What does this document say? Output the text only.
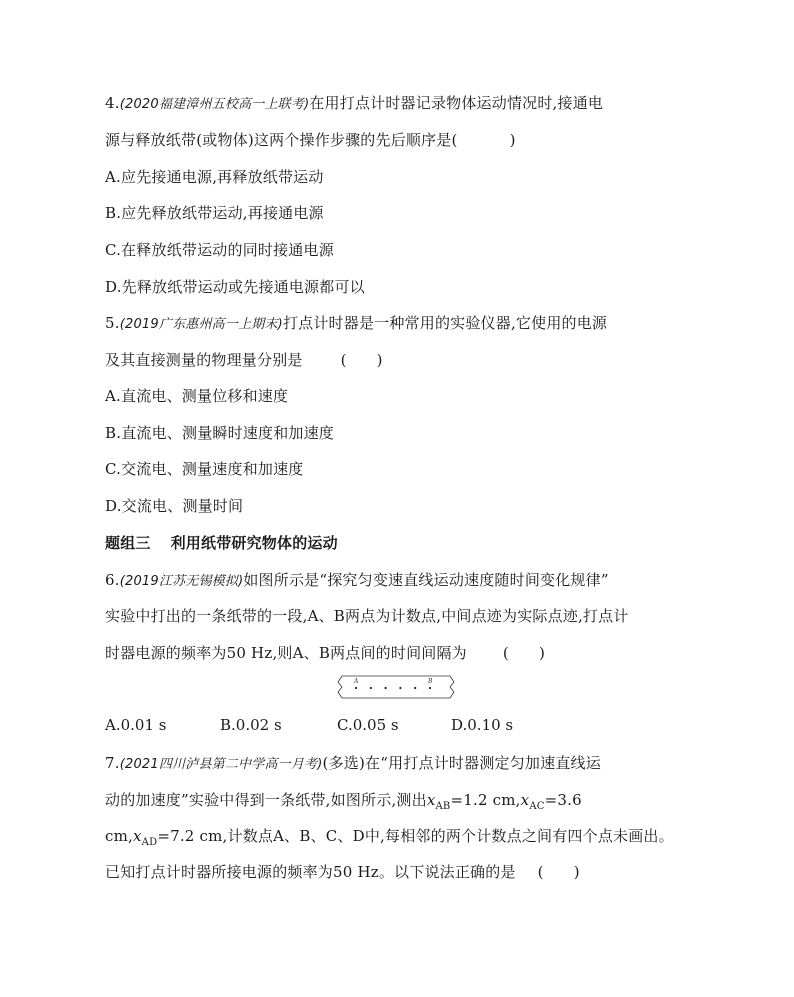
4.(2020福建漳州五校高一上联考)在用打点计时器记录物体运动情况时,接通电
源与释放纸带(或物体)这两个操作步骤的先后顺序是(	)
A.应先接通电源,再释放纸带运动
B.应先释放纸带运动,再接通电源
C.在释放纸带运动的同时接通电源
D.先释放纸带运动或先接通电源都可以
5.(2019广东惠州高一上期末)打点计时器是一种常用的实验仪器,它使用的电源
及其直接测量的物理量分别是	( )
A.直流电、测量位移和速度
B.直流电、测量瞬时速度和加速度
C.交流电、测量速度和加速度
D.交流电、测量时间
题组三 利用纸带研究物体的运动
6.(2019江苏无锡模拟)如图所示是“探究匀变速直线运动速度随时间变化规律”
实验中打出的一条纸带的一段,A、B两点为计数点,中间点迹为实际点迹,打点计
时器电源的频率为50 Hz,则A、B两点间的时间间隔为 ( )
A	B
A.0.01 s	B.0.02 s	C.0.05 s	D.0.10 s
7.(2021四川泸县第二中学高一月考)(多选)在“用打点计时器测定匀加速直线运
动的加速度”实验中得到一条纸带,如图所示,测出$x_{AB}=1.2$ $cm,x_{AC}=3.6$
$cm,x_{AD}=7.2$ cm,计数点A、B、C、D中,每相邻的两个计数点之间有四个点未画出。
已知打点计时器所接电源的频率为50 Hz。以下说法正确的是 ( )
